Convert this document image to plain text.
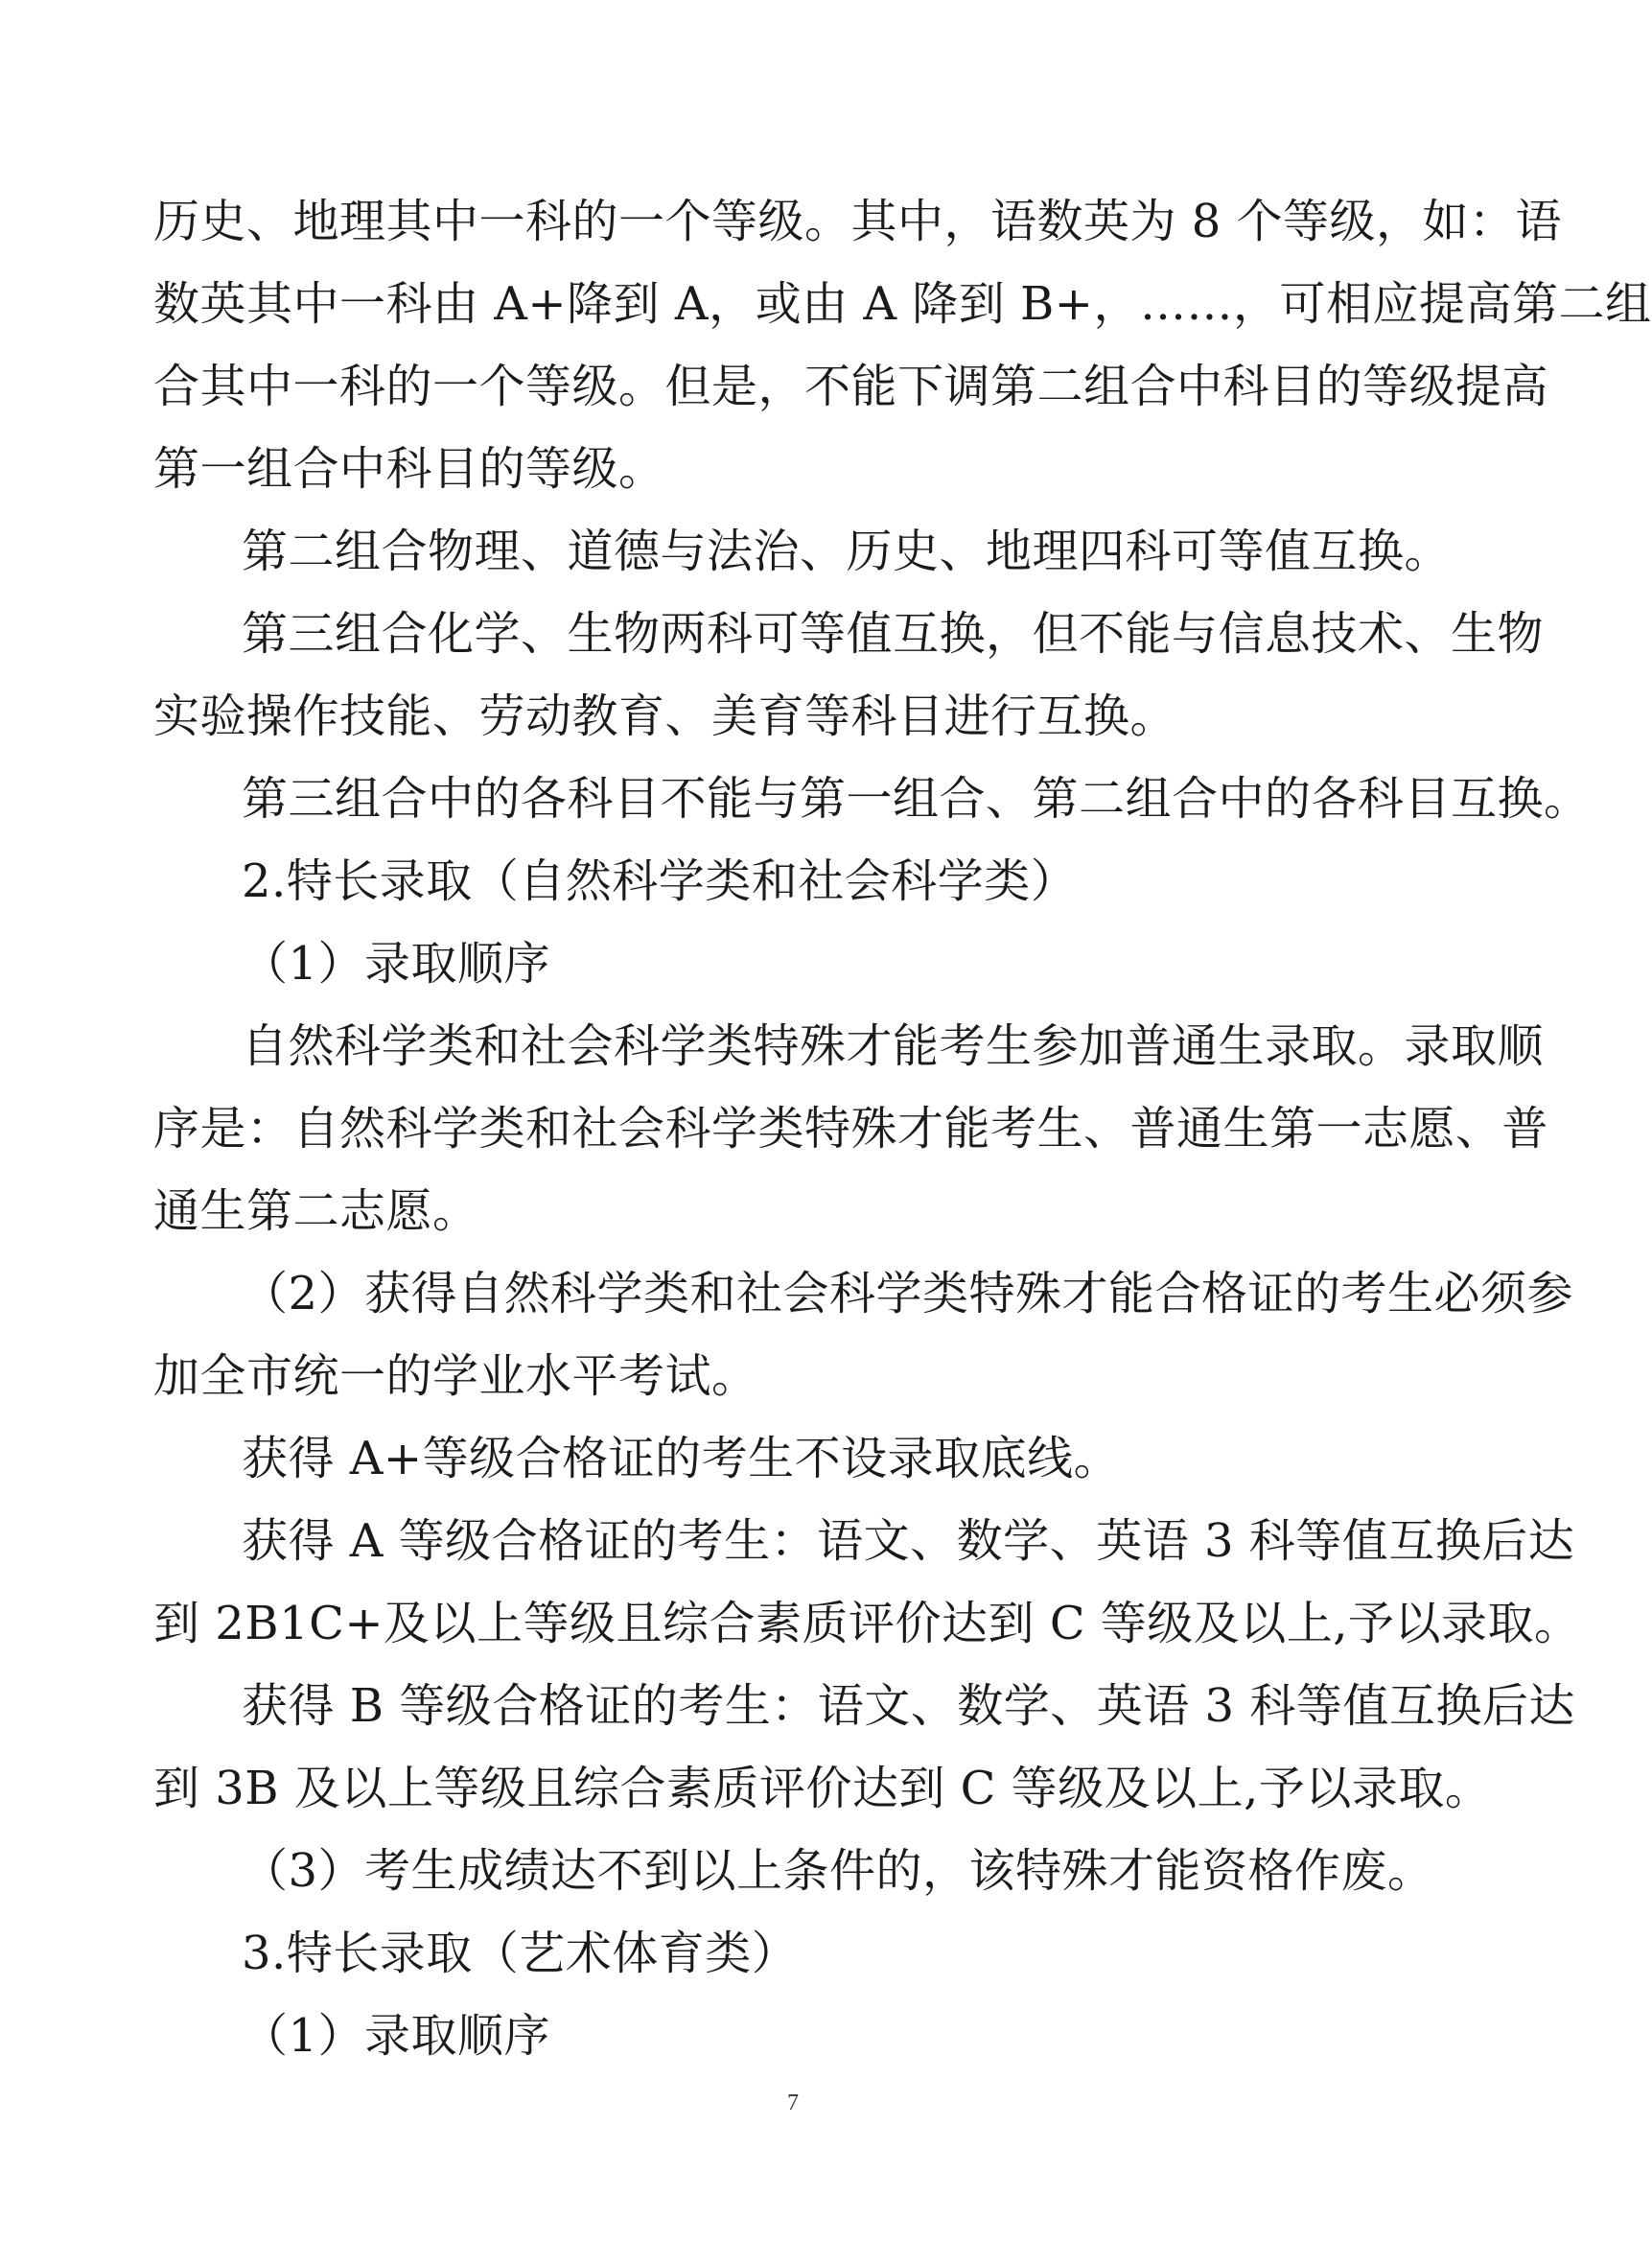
历史、地理其中一科的一个等级。其中，语数英为 8 个等级，如：语
数英其中一科由 A+降到 A，或由 A 降到 B+，……，可相应提高第二组
合其中一科的一个等级。但是，不能下调第二组合中科目的等级提高
第一组合中科目的等级。
第二组合物理、道德与法治、历史、地理四科可等值互换。
第三组合化学、生物两科可等值互换，但不能与信息技术、生物
实验操作技能、劳动教育、美育等科目进行互换。
第三组合中的各科目不能与第一组合、第二组合中的各科目互换。
2.特长录取（自然科学类和社会科学类）
（1）录取顺序
自然科学类和社会科学类特殊才能考生参加普通生录取。录取顺
序是：自然科学类和社会科学类特殊才能考生、普通生第一志愿、普
通生第二志愿。
（2）获得自然科学类和社会科学类特殊才能合格证的考生必须参
加全市统一的学业水平考试。
获得 A+等级合格证的考生不设录取底线。
获得 A 等级合格证的考生：语文、数学、英语 3 科等值互换后达
到 2B1C+及以上等级且综合素质评价达到 C 等级及以上,予以录取。
获得 B 等级合格证的考生：语文、数学、英语 3 科等值互换后达
到 3B 及以上等级且综合素质评价达到 C 等级及以上,予以录取。
（3）考生成绩达不到以上条件的，该特殊才能资格作废。
3.特长录取（艺术体育类）
（1）录取顺序
7
